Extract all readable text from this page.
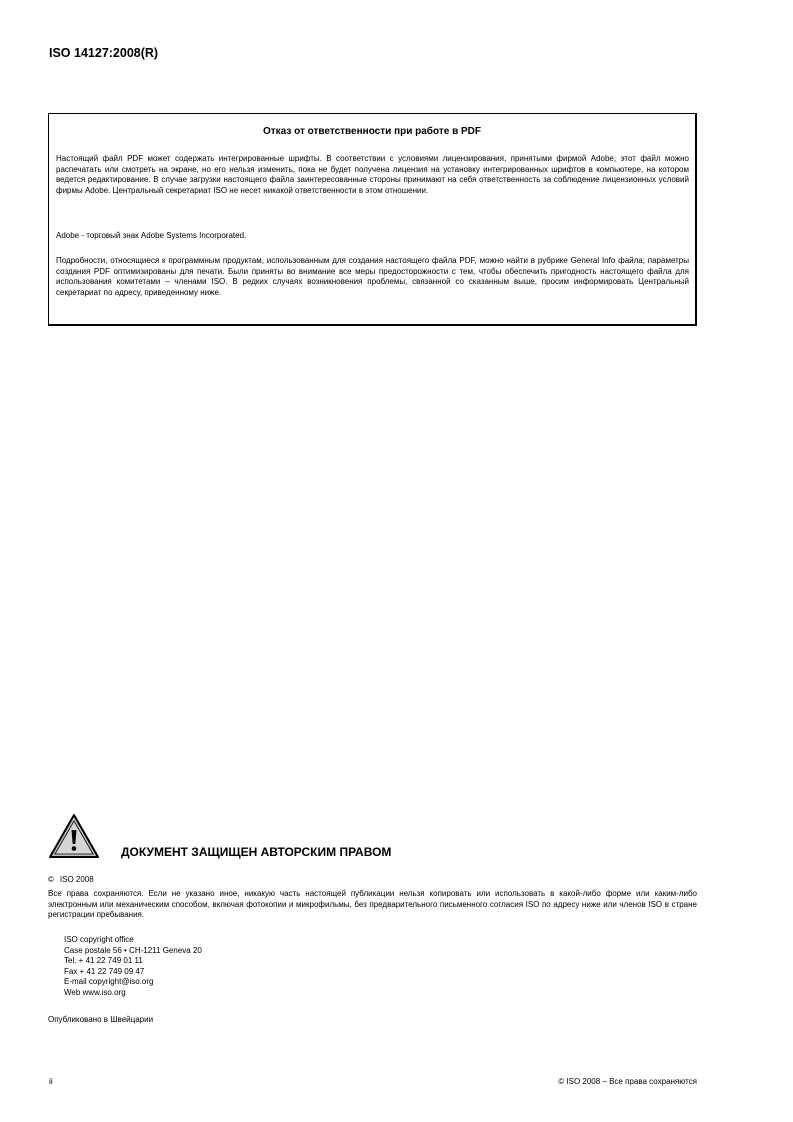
ISO 14127:2008(R)
Отказ от ответственности при работе в PDF
Настоящий файл PDF может содержать интегрированные шрифты. В соответствии с условиями лицензирования, принятыми фирмой Adobe, этот файл можно распечатать или смотреть на экране, но его нельзя изменить, пока не будет получена лицензия на установку интегрированных шрифтов в компьютере, на котором ведется редактирование. В случае загрузки настоящего файла заинтересованные стороны принимают на себя ответственность за соблюдение лицензионных условий фирмы Adobe. Центральный секретариат ISO не несет никакой ответственности в этом отношении.
Adobe - торговый знак Adobe Systems Incorporated.
Подробности, относящиеся к программным продуктам, использованным для создания настоящего файла PDF, можно найти в рубрике General Info файла; параметры создания PDF оптимизированы для печати. Были приняты во внимание все меры предосторожности с тем, чтобы обеспечить пригодность настоящего файла для использования комитетами – членами ISO. В редких случаях возникновения проблемы, связанной со сказанным выше, просим информировать Центральный секретариат по адресу, приведенному ниже.
ДОКУМЕНТ ЗАЩИЩЕН АВТОРСКИМ ПРАВОМ
© ISO 2008
Все права сохраняются. Если не указано иное, никакую часть настоящей публикации нельзя копировать или использовать в какой-либо форме или каким-либо электронным или механическим способом, включая фотокопии и микрофильмы, без предварительного письменного согласия ISO по адресу ниже или членов ISO в стране регистрации пребывания.
ISO copyright office
Case postale 56 • CH-1211 Geneva 20
Tel. + 41 22 749 01 11
Fax + 41 22 749 09 47
E-mail copyright@iso.org
Web www.iso.org
Опубликовано в Швейцарии
ii	© ISO 2008 – Все права сохраняются
